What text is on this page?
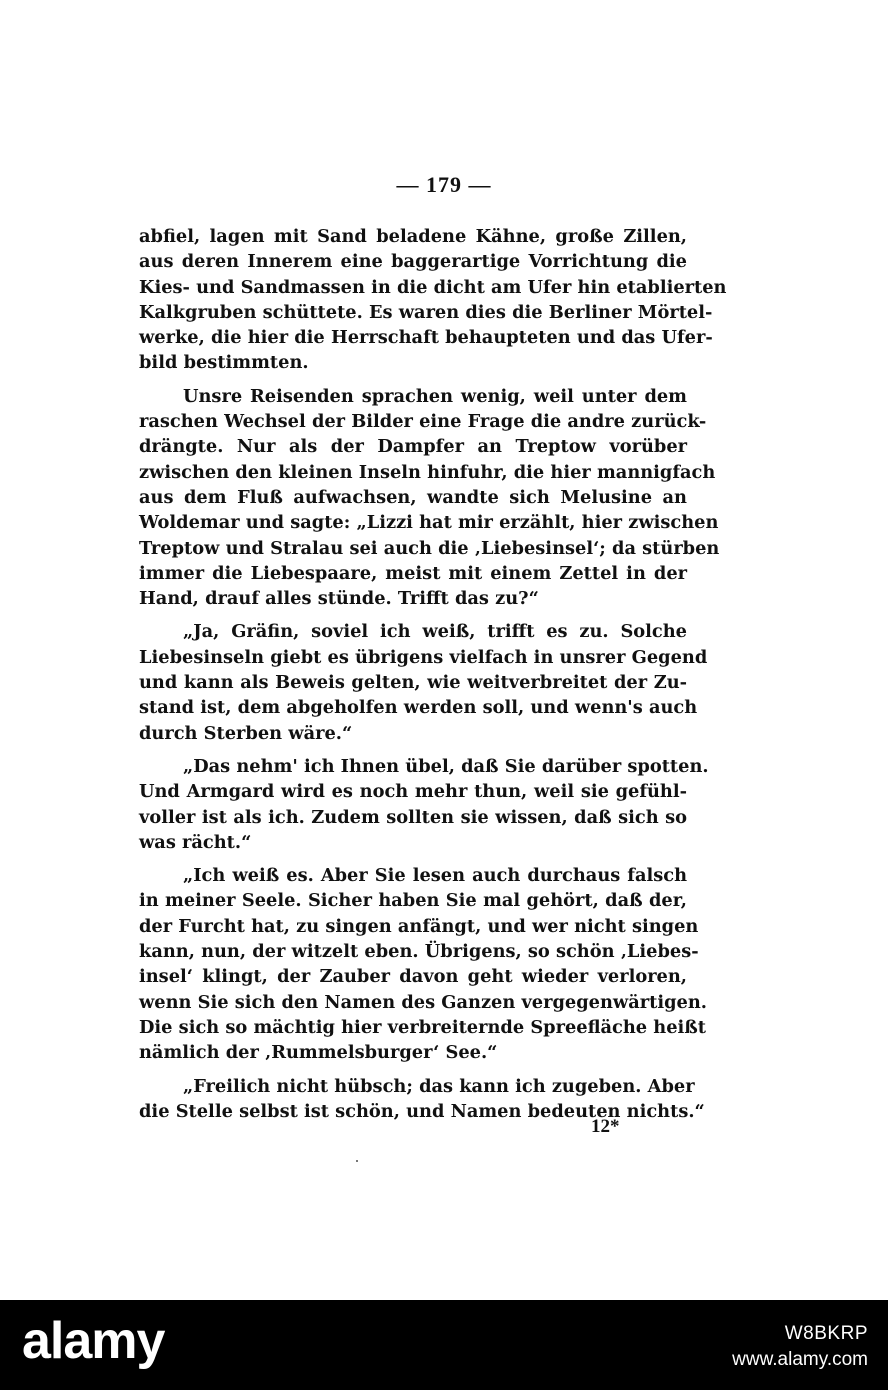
— 179 —
abfiel, lagen mit Sand beladene Kähne, große Zillen,
aus deren Innerem eine baggerartige Vorrichtung die
Kies- und Sandmassen in die dicht am Ufer hin etablierten
Kalkgruben schüttete. Es waren dies die Berliner Mörtel-
werke, die hier die Herrschaft behaupteten und das Ufer-
bild bestimmten.
Unsre Reisenden sprachen wenig, weil unter dem
raschen Wechsel der Bilder eine Frage die andre zurück-
drängte. Nur als der Dampfer an Treptow vorüber
zwischen den kleinen Inseln hinfuhr, die hier mannigfach
aus dem Fluß aufwachsen, wandte sich Melusine an
Woldemar und sagte: „Lizzi hat mir erzählt, hier zwischen
Treptow und Stralau sei auch die ‚Liebesinsel‘; da stürben
immer die Liebespaare, meist mit einem Zettel in der
Hand, drauf alles stünde. Trifft das zu?“
„Ja, Gräfin, soviel ich weiß, trifft es zu. Solche
Liebesinseln giebt es übrigens vielfach in unsrer Gegend
und kann als Beweis gelten, wie weitverbreitet der Zu-
stand ist, dem abgeholfen werden soll, und wenn's auch
durch Sterben wäre.“
„Das nehm' ich Ihnen übel, daß Sie darüber spotten.
Und Armgard wird es noch mehr thun, weil sie gefühl-
voller ist als ich. Zudem sollten sie wissen, daß sich so
was rächt.“
„Ich weiß es. Aber Sie lesen auch durchaus falsch
in meiner Seele. Sicher haben Sie mal gehört, daß der,
der Furcht hat, zu singen anfängt, und wer nicht singen
kann, nun, der witzelt eben. Übrigens, so schön ‚Liebes-
insel‘ klingt, der Zauber davon geht wieder verloren,
wenn Sie sich den Namen des Ganzen vergegenwärtigen.
Die sich so mächtig hier verbreiternde Spreefläche heißt
nämlich der ‚Rummelsburger‘ See.“
„Freilich nicht hübsch; das kann ich zugeben. Aber
die Stelle selbst ist schön, und Namen bedeuten nichts.“
12*
alamy	W8BKRP
www.alamy.com
